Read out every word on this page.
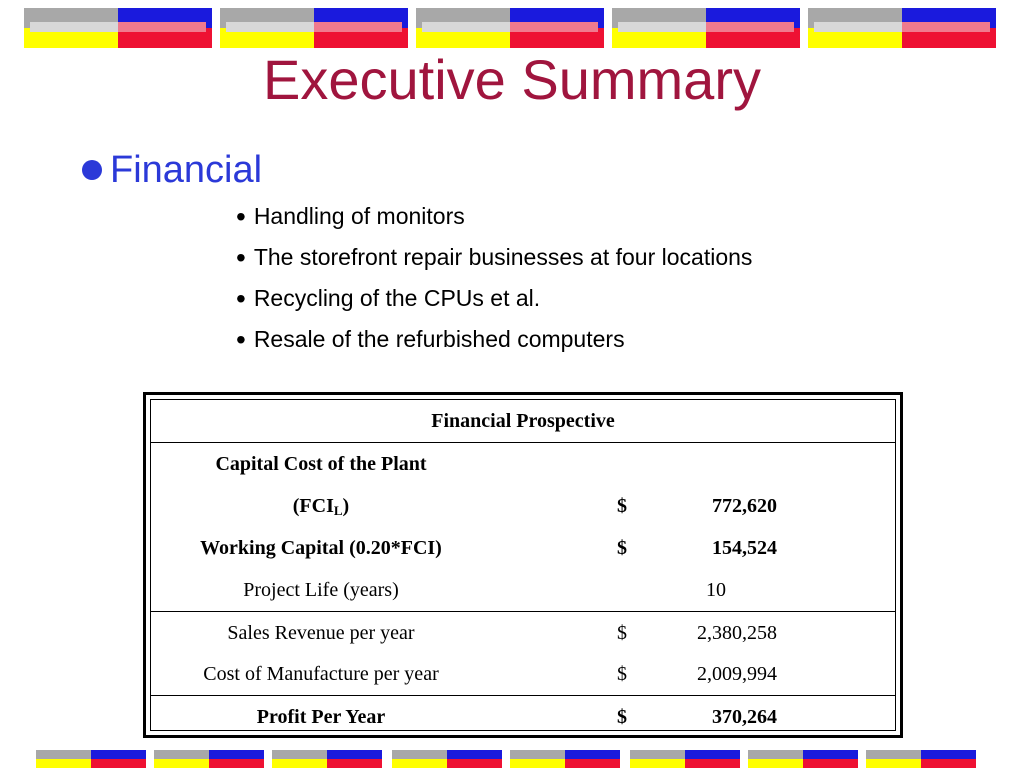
Executive Summary
Financial
• Handling of monitors
• The storefront repair businesses at four locations
• Recycling of the CPUs et al.
• Resale of the refurbished computers
Financial Prospective
Capital Cost of the Plant
$(FCI_L)$	$	772,620
Working Capital (0.20*FCI)	$	154,524
Project Life (years)	10
Sales Revenue per year	$	2,380,258
Cost of Manufacture per year	$	2,009,994
Profit Per Year	$	370,264
